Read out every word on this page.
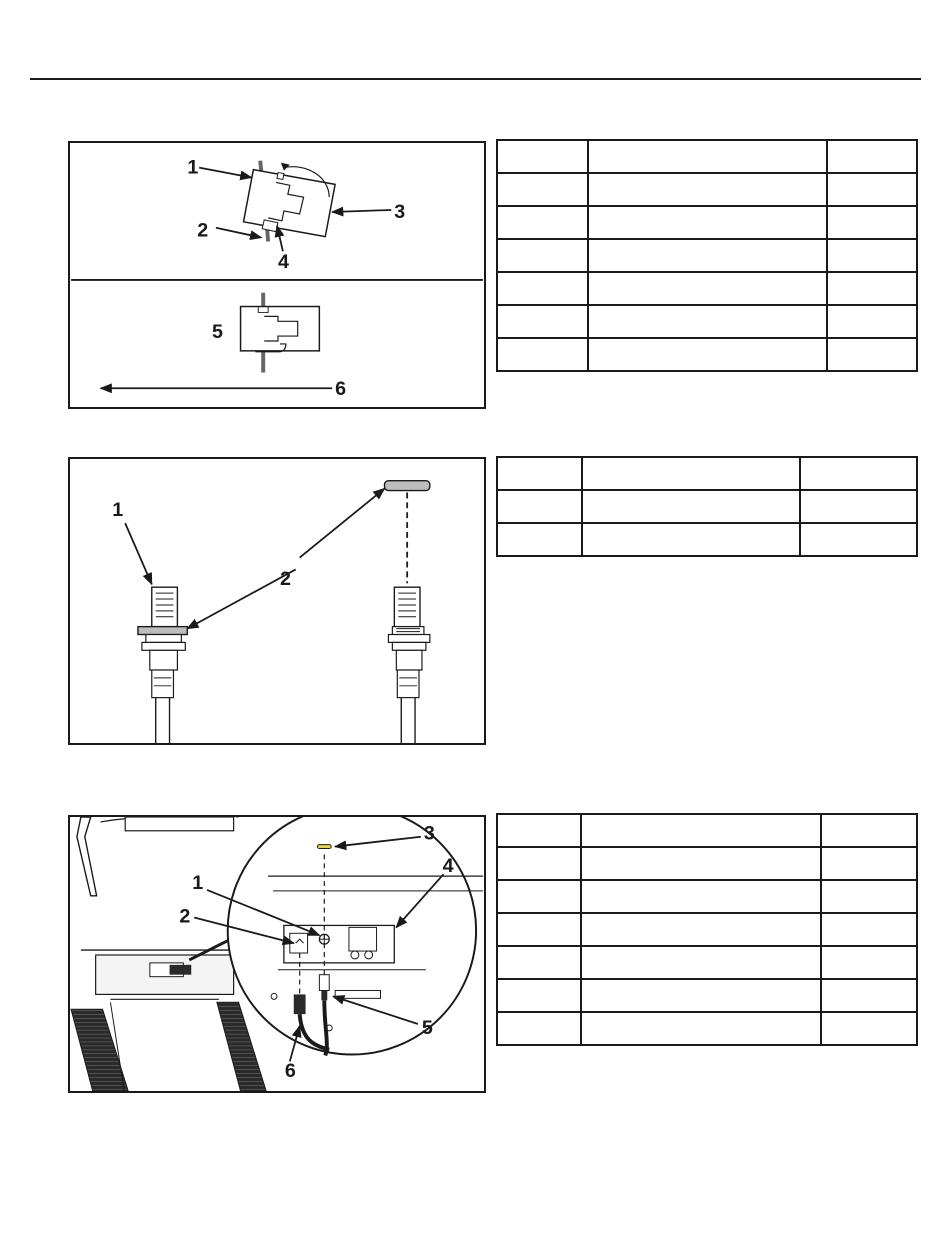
1
2
3
4
5
6

1
2

1
2
3
4
5
6
